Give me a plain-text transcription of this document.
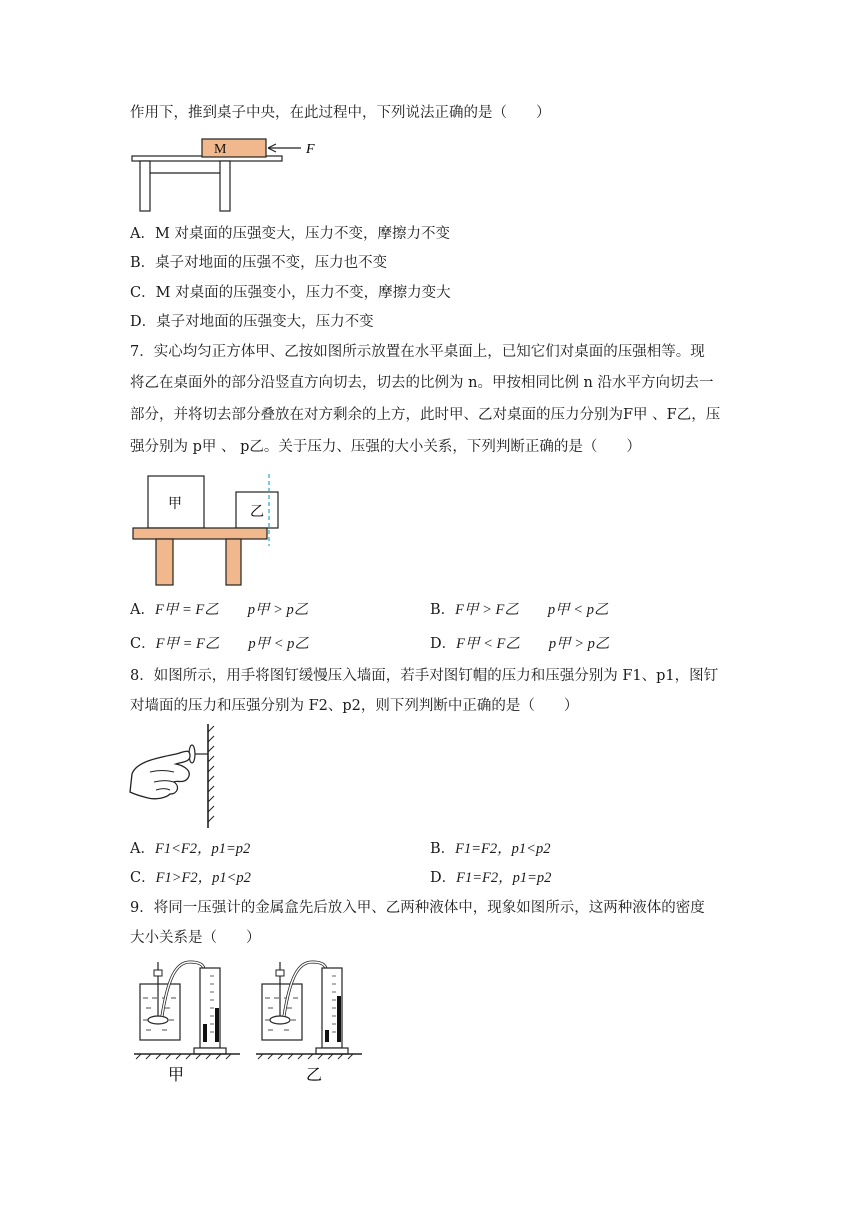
作用下，推到桌子中央，在此过程中，下列说法正确的是（　　）
M	F
A．M 对桌面的压强变大，压力不变，摩擦力不变
B．桌子对地面的压强不变，压力也不变
C．M 对桌面的压强变小，压力不变，摩擦力变大
D．桌子对地面的压强变大，压力不变
7．实心均匀正方体甲、乙按如图所示放置在水平桌面上，已知它们对桌面的压强相等。现
将乙在桌面外的部分沿竖直方向切去，切去的比例为 n。甲按相同比例 n 沿水平方向切去一
部分，并将切去部分叠放在对方剩余的上方，此时甲、乙对桌面的压力分别为F甲 、F乙，压
强分别为 p甲 、 p乙。关于压力、压强的大小关系，下列判断正确的是（　　）
甲	乙
A．F甲 = F乙　　p甲 > p乙	B．F甲 > F乙　　p甲 < p乙
C．F甲 = F乙　　p甲 < p乙	D．F甲 < F乙　　p甲 > p乙
8．如图所示，用手将图钉缓慢压入墙面，若手对图钉帽的压力和压强分别为 F1、p1，图钉
对墙面的压力和压强分别为 F2、p2，则下列判断中正确的是（　　）
A．F1<F2，p1=p2	B．F1=F2，p1<p2
C．F1>F2，p1<p2	D．F1=F2，p1=p2
9．将同一压强计的金属盒先后放入甲、乙两种液体中，现象如图所示，这两种液体的密度
大小关系是（　　）
甲	乙
